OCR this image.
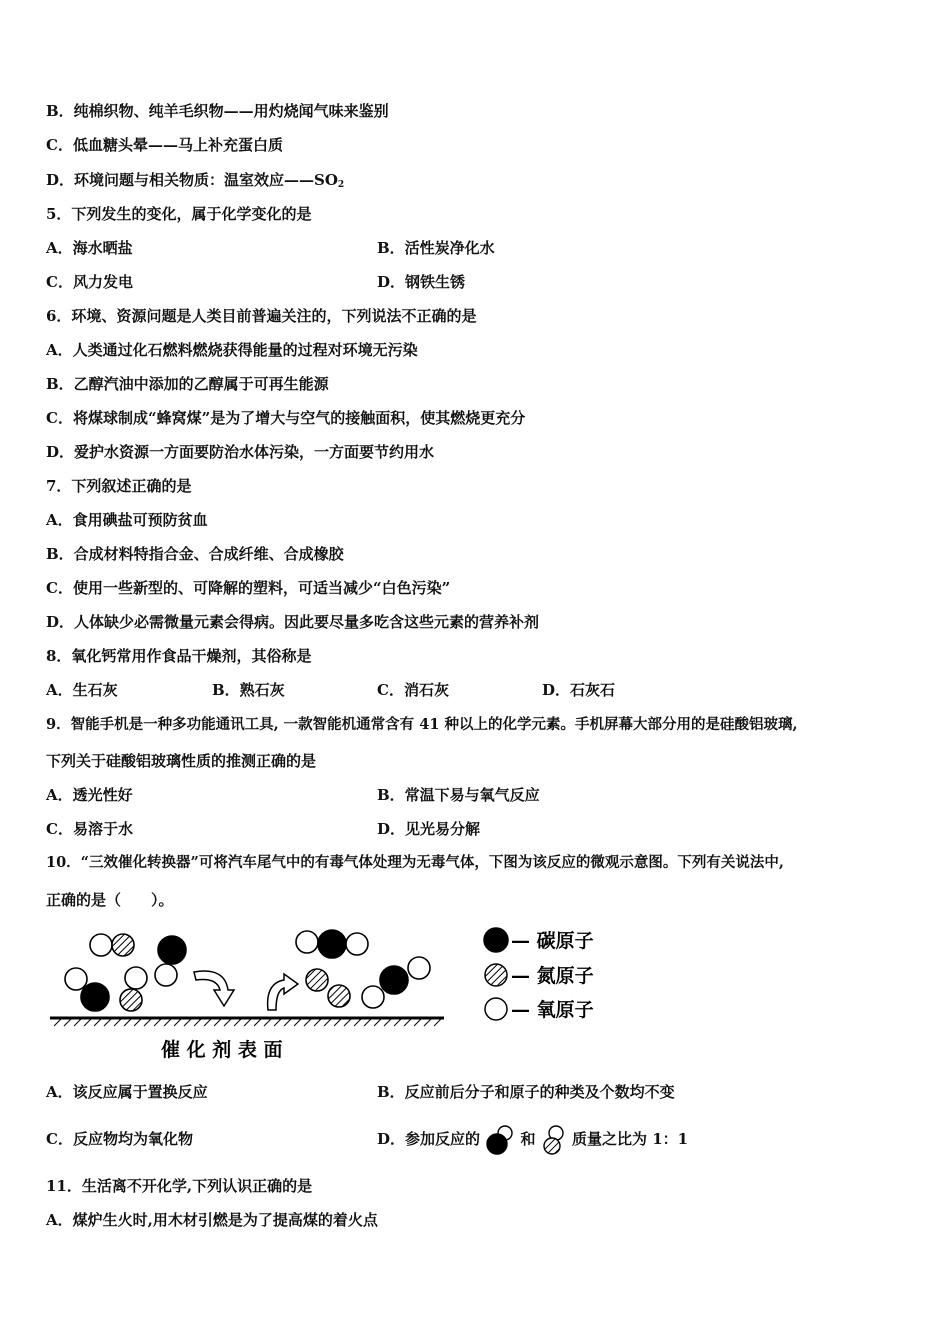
B．纯棉织物、纯羊毛织物——用灼烧闻气味来鉴别
C．低血糖头晕——马上补充蛋白质
D．环境问题与相关物质：温室效应$——SO_2$
5．下列发生的变化，属于化学变化的是
A．海水晒盐	B．活性炭净化水
C．风力发电	D．钢铁生锈
6．环境、资源问题是人类目前普遍关注的，下列说法不正确的是
A．人类通过化石燃料燃烧获得能量的过程对环境无污染
B．乙醇汽油中添加的乙醇属于可再生能源
C．将煤球制成“蜂窝煤”是为了增大与空气的接触面积，使其燃烧更充分
D．爱护水资源一方面要防治水体污染，一方面要节约用水
7．下列叙述正确的是
A．食用碘盐可预防贫血
B．合成材料特指合金、合成纤维、合成橡胶
C．使用一些新型的、可降解的塑料，可适当减少“白色污染”
D．人体缺少必需微量元素会得病。因此要尽量多吃含这些元素的营养补剂
8．氧化钙常用作食品干燥剂，其俗称是
A．生石灰	B．熟石灰	C．消石灰	D．石灰石
9．智能手机是一种多功能通讯工具, 一款智能机通常含有 41 种以上的化学元素。手机屏幕大部分用的是硅酸铝玻璃,
下列关于硅酸铝玻璃性质的推测正确的是
A．透光性好	B．常温下易与氧气反应
C．易溶于水	D．见光易分解
10．“三效催化转换器”可将汽车尾气中的有毒气体处理为无毒气体，下图为该反应的微观示意图。下列有关说法中,
正确的是（　　）。
催 化 剂 表 面
— 碳原子
— 氮原子
— 氧原子
A．该反应属于置换反应	B．反应前后分子和原子的种类及个数均不变
C．反应物均为氧化物	D．参加反应的	和 质量之比为 1：1
11．生活离不开化学,下列认识正确的是
A．煤炉生火时,用木材引燃是为了提高煤的着火点
